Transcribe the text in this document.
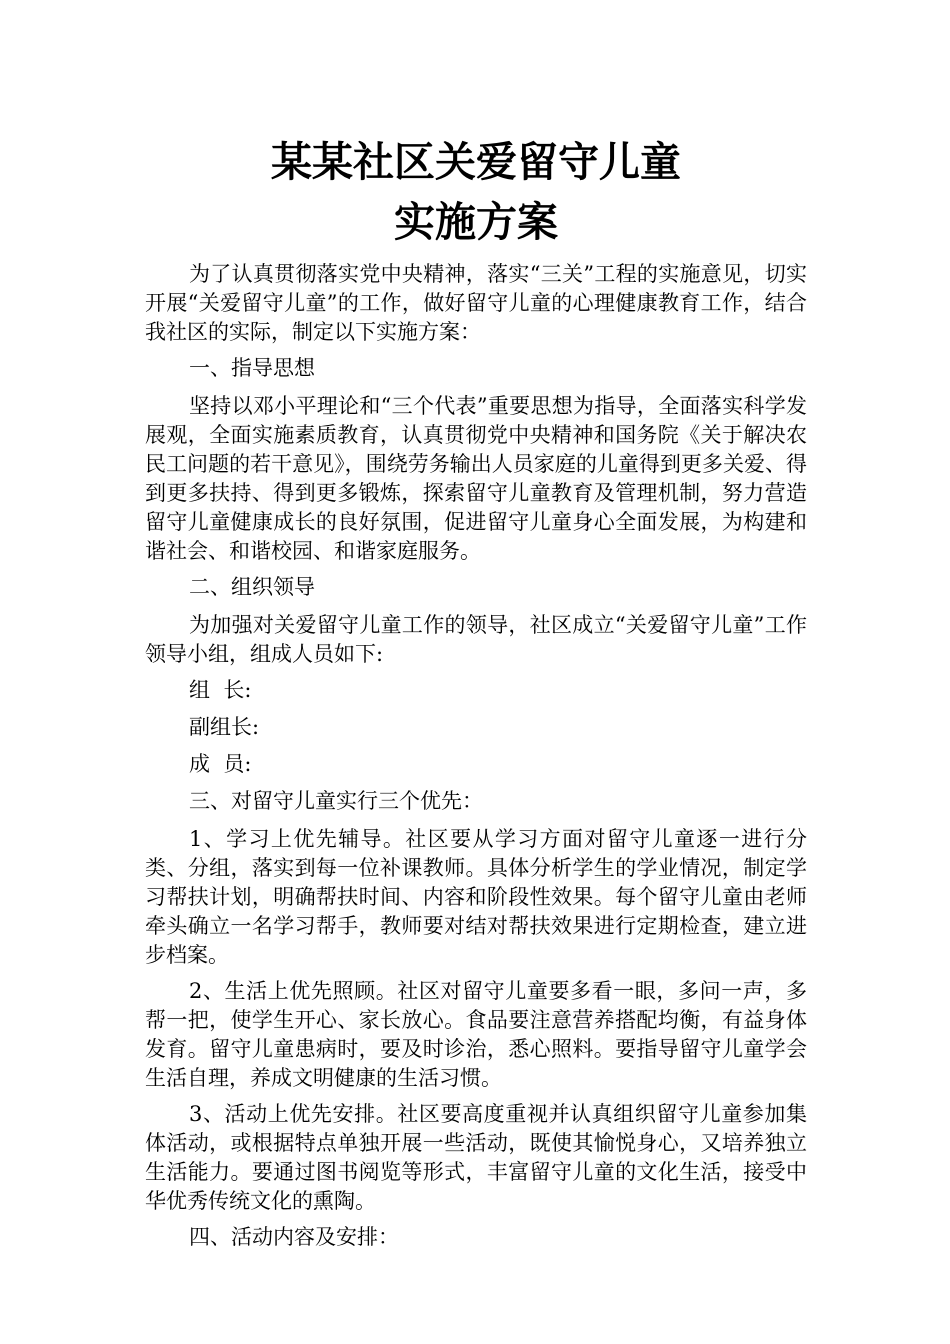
某某社区关爱留守儿童
实施方案

为了认真贯彻落实党中央精神，落实“三关”工程的实施意见，切实开展“关爱留守儿童”的工作，做好留守儿童的心理健康教育工作，结合我社区的实际，制定以下实施方案：

一、指导思想

坚持以邓小平理论和“三个代表”重要思想为指导，全面落实科学发展观，全面实施素质教育，认真贯彻党中央精神和国务院《关于解决农民工问题的若干意见》，围绕劳务输出人员家庭的儿童得到更多关爱、得到更多扶持、得到更多锻炼，探索留守儿童教育及管理机制，努力营造留守儿童健康成长的良好氛围，促进留守儿童身心全面发展，为构建和谐社会、和谐校园、和谐家庭服务。

二、组织领导

为加强对关爱留守儿童工作的领导，社区成立“关爱留守儿童”工作领导小组，组成人员如下:

组  长:

副组长:

成  员:

三、对留守儿童实行三个优先：

1、学习上优先辅导。社区要从学习方面对留守儿童逐一进行分类、分组，落实到每一位补课教师。具体分析学生的学业情况，制定学习帮扶计划，明确帮扶时间、内容和阶段性效果。每个留守儿童由老师牵头确立一名学习帮手，教师要对结对帮扶效果进行定期检查，建立进步档案。

2、生活上优先照顾。社区对留守儿童要多看一眼，多问一声，多帮一把，使学生开心、家长放心。食品要注意营养搭配均衡，有益身体发育。留守儿童患病时，要及时诊治，悉心照料。要指导留守儿童学会生活自理，养成文明健康的生活习惯。

3、活动上优先安排。社区要高度重视并认真组织留守儿童参加集体活动，或根据特点单独开展一些活动，既使其愉悦身心，又培养独立生活能力。要通过图书阅览等形式，丰富留守儿童的文化生活，接受中华优秀传统文化的熏陶。

四、活动内容及安排：
